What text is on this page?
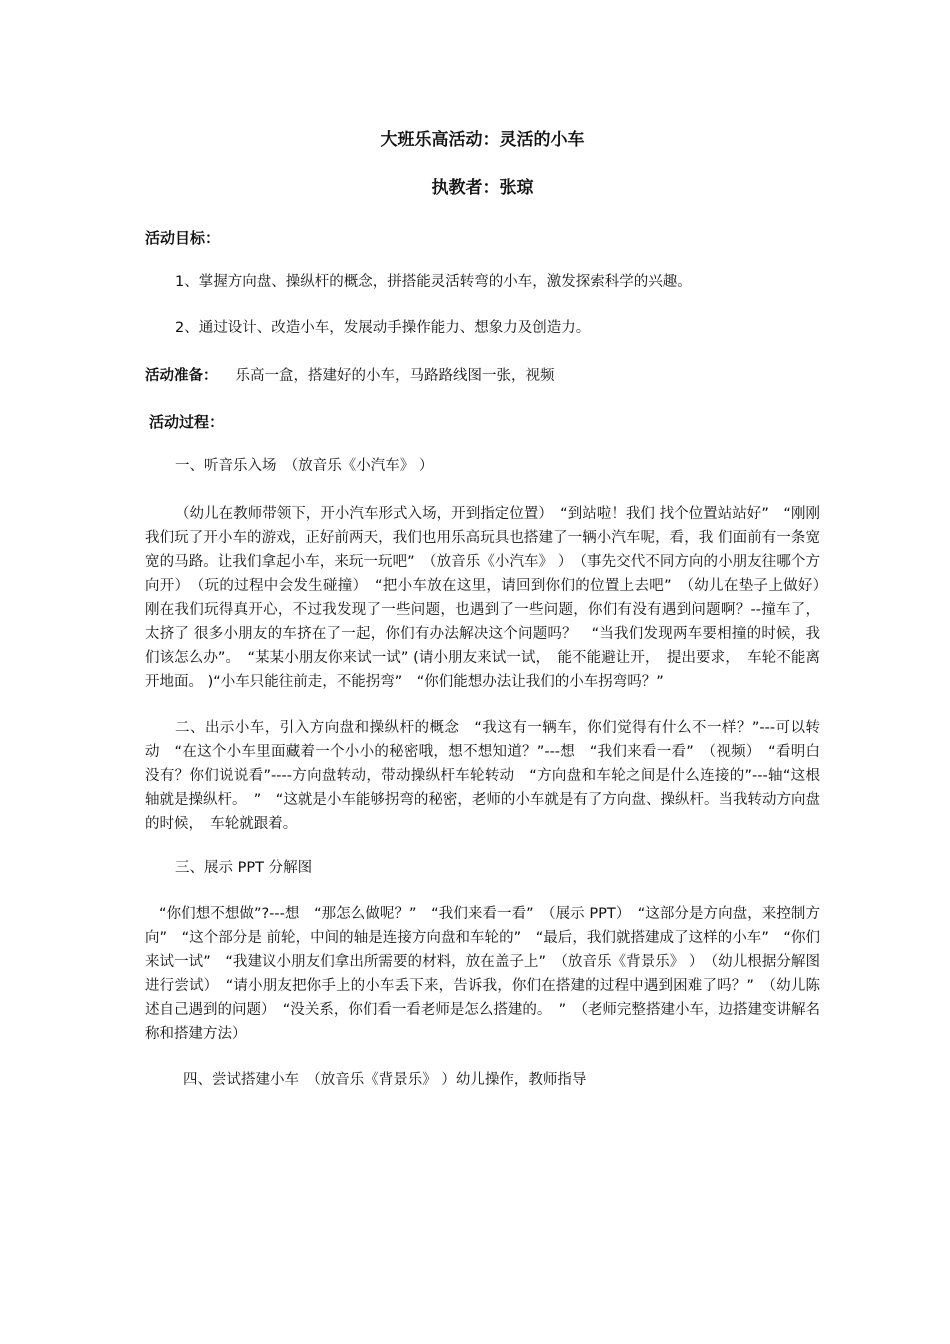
大班乐高活动：灵活的小车
执教者：张琼
活动目标：
1、掌握方向盘、操纵杆的概念，拼搭能灵活转弯的小车，激发探索科学的兴趣。
2、通过设计、改造小车，发展动手操作能力、想象力及创造力。
活动准备： 乐高一盒，搭建好的小车，马路路线图一张，视频
活动过程：
一、听音乐入场　（放音乐《小汽车》 ）
（幼儿在教师带领下，开小汽车形式入场，开到指定位置）　“到站啦！我们 找个位置站站好”　“刚刚我们玩了开小车的游戏，正好前两天，我们也用乐高玩具也搭建了一辆小汽车呢，看，我 们面前有一条宽宽的马路。让我们拿起小车，来玩一玩吧”　（放音乐《小汽车》 ）　（事先交代不同方向的小朋友往哪个方向开）　（玩的过程中会发生碰撞）　“把小车放在这里，请回到你们的位置上去吧”　（幼儿在垫子上做好）　刚在我们玩得真开心，不过我发现了一些问题，也遇到了一些问题，你们有没有遇到问题啊？--撞车了，太挤了 很多小朋友的车挤在了一起，你们有办法解决这个问题吗？　“当我们发现两车要相撞的时候，我们该怎么办”。　“某某小朋友你来试一试” (请小朋友来试一试，　能不能避让开，　提出要求，　车轮不能离开地面。 )“小车只能往前走，不能拐弯”　“你们能想办法让我们的小车拐弯吗？”
二、出示小车，引入方向盘和操纵杆的概念　“我这有一辆车，你们觉得有什么不一样？”---可以转动　“在这个小车里面藏着一个小小的秘密哦，想不想知道？”---想　“我们来看一看”　（视频）　“看明白没有？你们说说看”----方向盘转动，带动操纵杆车轮转动　“方向盘和车轮之间是什么连接的”---轴“这根轴就是操纵杆。　”　“这就是小车能够拐弯的秘密，老师的小车就是有了方向盘、操纵杆。当我转动方向盘的时候，　车轮就跟着。
三、展示 PPT 分解图
“你们想不想做”?---想　“那怎么做呢？”　“我们来看一看”　（展示 PPT）　“这部分是方向盘，来控制方向”　“这个部分是 前轮，中间的轴是连接方向盘和车轮的”　“最后，我们就搭建成了这样的小车”　“你们来试一试”　“我建议小朋友们拿出所需要的材料，放在盖子上”　（放音乐《背景乐》 ）　（幼儿根据分解图进行尝试）　“请小朋友把你手上的小车丢下来，告诉我，你们在搭建的过程中遇到困难了吗？”　（幼儿陈述自己遇到的问题）　“没关系，你们看一看老师是怎么搭建的。　”　（老师完整搭建小车，边搭建变讲解名称和搭建方法）
四、尝试搭建小车　（放音乐《背景乐》 ）幼儿操作，教师指导
